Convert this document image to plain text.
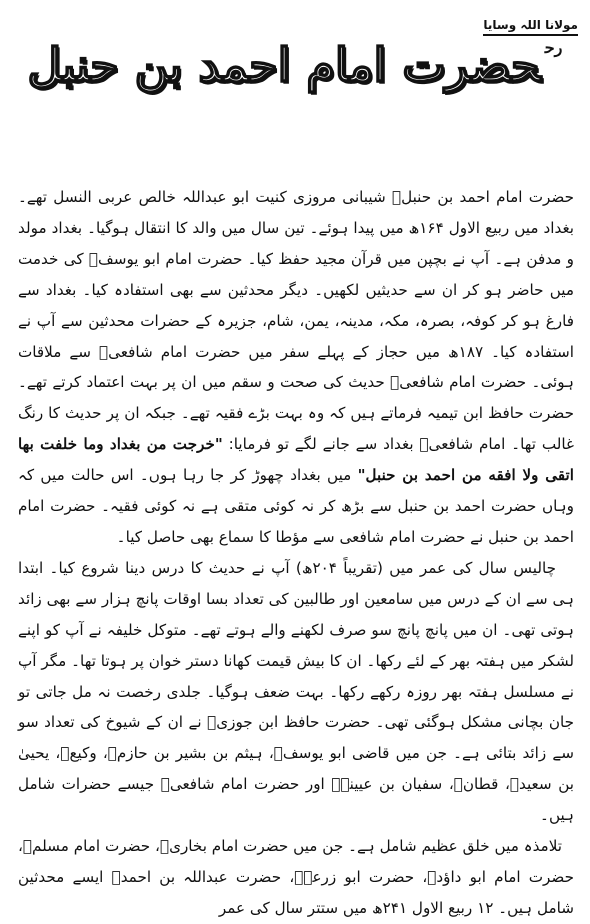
مولانا اللہ وسایا
$^{رح}$حضرت امام احمد بن حنبل

حضرت امام احمد بن حنبلؒ شیبانی مروزی کنیت ابو عبداللہ خالص عربی النسل تھے۔ بغداد میں ربیع الاول ۱۶۴ھ میں پیدا ہوئے۔ تین سال میں والد کا انتقال ہوگیا۔ بغداد مولد و مدفن ہے۔ آپ نے بچپن میں قرآن مجید حفظ کیا۔ حضرت امام ابو یوسفؒ کی خدمت میں حاضر ہو کر ان سے حدیثیں لکھیں۔ دیگر محدثین سے بھی استفادہ کیا۔ بغداد سے فارغ ہو کر کوفہ، بصرہ، مکہ، مدینہ، یمن، شام، جزیرہ کے حضرات محدثین سے آپ نے استفادہ کیا۔ ۱۸۷ھ میں حجاز کے پہلے سفر میں حضرت امام شافعیؒ سے ملاقات ہوئی۔ حضرت امام شافعیؒ حدیث کی صحت و سقم میں ان پر بہت اعتماد کرتے تھے۔ حضرت حافظ ابن تیمیہ فرماتے ہیں کہ وہ بہت بڑے فقیہ تھے۔ جبکہ ان پر حدیث کا رنگ غالب تھا۔ امام شافعیؒ بغداد سے جانے لگے تو فرمایا: "خرجت من بغداد وما خلفت بها اتقی ولا افقه من احمد بن حنبل" میں بغداد چھوڑ کر جا رہا ہوں۔ اس حالت میں کہ وہاں حضرت احمد بن حنبل سے بڑھ کر نہ کوئی متقی ہے نہ کوئی فقیہ۔ حضرت امام احمد بن حنبل نے حضرت امام شافعی سے مؤطا کا سماع بھی حاصل کیا۔

چالیس سال کی عمر میں (تقریباً ۲۰۴ھ) آپ نے حدیث کا درس دینا شروع کیا۔ ابتدا ہی سے ان کے درس میں سامعین اور طالبین کی تعداد بسا اوقات پانچ ہزار سے بھی زائد ہوتی تھی۔ ان میں پانچ پانچ سو صرف لکھنے والے ہوتے تھے۔ متوکل خلیفہ نے آپ کو اپنے لشکر میں ہفتہ بھر کے لئے رکھا۔ ان کا بیش قیمت کھانا دستر خوان پر ہوتا تھا۔ مگر آپ نے مسلسل ہفتہ بھر روزہ رکھے رکھا۔ بہت ضعف ہوگیا۔ جلدی رخصت نہ مل جاتی تو جان بچانی مشکل ہوگئی تھی۔ حضرت حافظ ابن جوزیؒ نے ان کے شیوخ کی تعداد سو سے زائد بتائی ہے۔ جن میں قاضی ابو یوسفؒ، ہیثم بن بشیر بن حازمؒ، وکیعؒ، یحییٰ بن سعیدؒ، قطانؒ، سفیان بن عیینہؒ اور حضرت امام شافعیؒ جیسے حضرات شامل ہیں۔

تلامذہ میں خلق عظیم شامل ہے۔ جن میں حضرت امام بخاریؒ، حضرت امام مسلمؒ، حضرت امام ابو داؤدؒ، حضرت ابو زرعہؒ، حضرت عبداللہ بن احمدؒ ایسے محدثین شامل ہیں۔ ۱۲ ربیع الاول ۲۴۱ھ میں ستتر سال کی عمر
